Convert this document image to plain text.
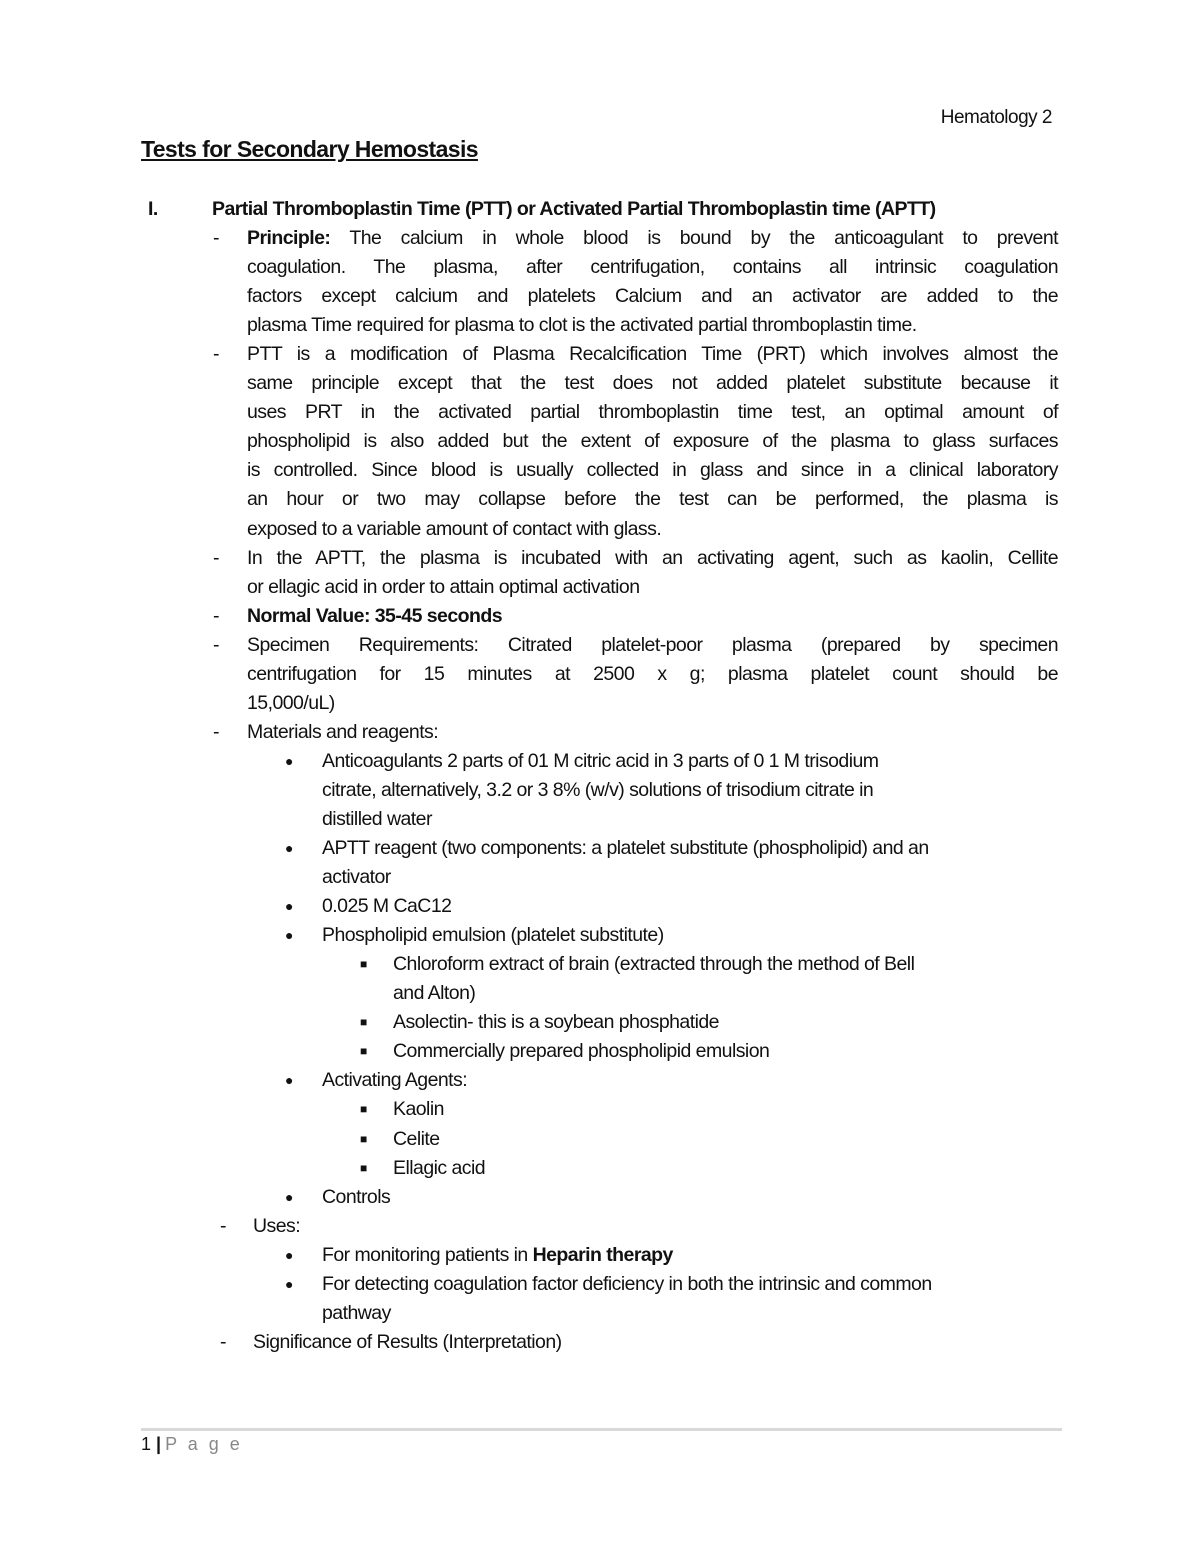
Hematology 2
Tests for Secondary Hemostasis
I.	Partial Thromboplastin Time (PTT) or Activated Partial Thromboplastin time (APTT)
- Principle: The calcium in whole blood is bound by the anticoagulant to prevent
coagulation. The plasma, after centrifugation, contains all intrinsic coagulation
factors except calcium and platelets Calcium and an activator are added to the
plasma Time required for plasma to clot is the activated partial thromboplastin time.
- PTT is a modification of Plasma Recalcification Time (PRT) which involves almost the
same principle except that the test does not added platelet substitute because it
uses PRT in the activated partial thromboplastin time test, an optimal amount of
phospholipid is also added but the extent of exposure of the plasma to glass surfaces
is controlled. Since blood is usually collected in glass and since in a clinical laboratory
an hour or two may collapse before the test can be performed, the plasma is
exposed to a variable amount of contact with glass.
- In the APTT, the plasma is incubated with an activating agent, such as kaolin, Cellite
or ellagic acid in order to attain optimal activation
- Normal Value: 35-45 seconds
- Specimen Requirements: Citrated platelet-poor plasma (prepared by specimen
centrifugation for 15 minutes at 2500 x g; plasma platelet count should be
15,000/uL)
- Materials and reagents:
● Anticoagulants 2 parts of 01 M citric acid in 3 parts of 0 1 M trisodium
citrate, alternatively, 3.2 or 3 8% (w/v) solutions of trisodium citrate in
distilled water
● APTT reagent (two components: a platelet substitute (phospholipid) and an
activator
● 0.025 M CaC12
● Phospholipid emulsion (platelet substitute)
■ Chloroform extract of brain (extracted through the method of Bell
and Alton)
■ Asolectin- this is a soybean phosphatide
■ Commercially prepared phospholipid emulsion
● Activating Agents:
■ Kaolin
■ Celite
■ Ellagic acid
● Controls
- Uses:
● For monitoring patients in Heparin therapy
● For detecting coagulation factor deficiency in both the intrinsic and common
pathway
- Significance of Results (Interpretation)
1 | P a g e
